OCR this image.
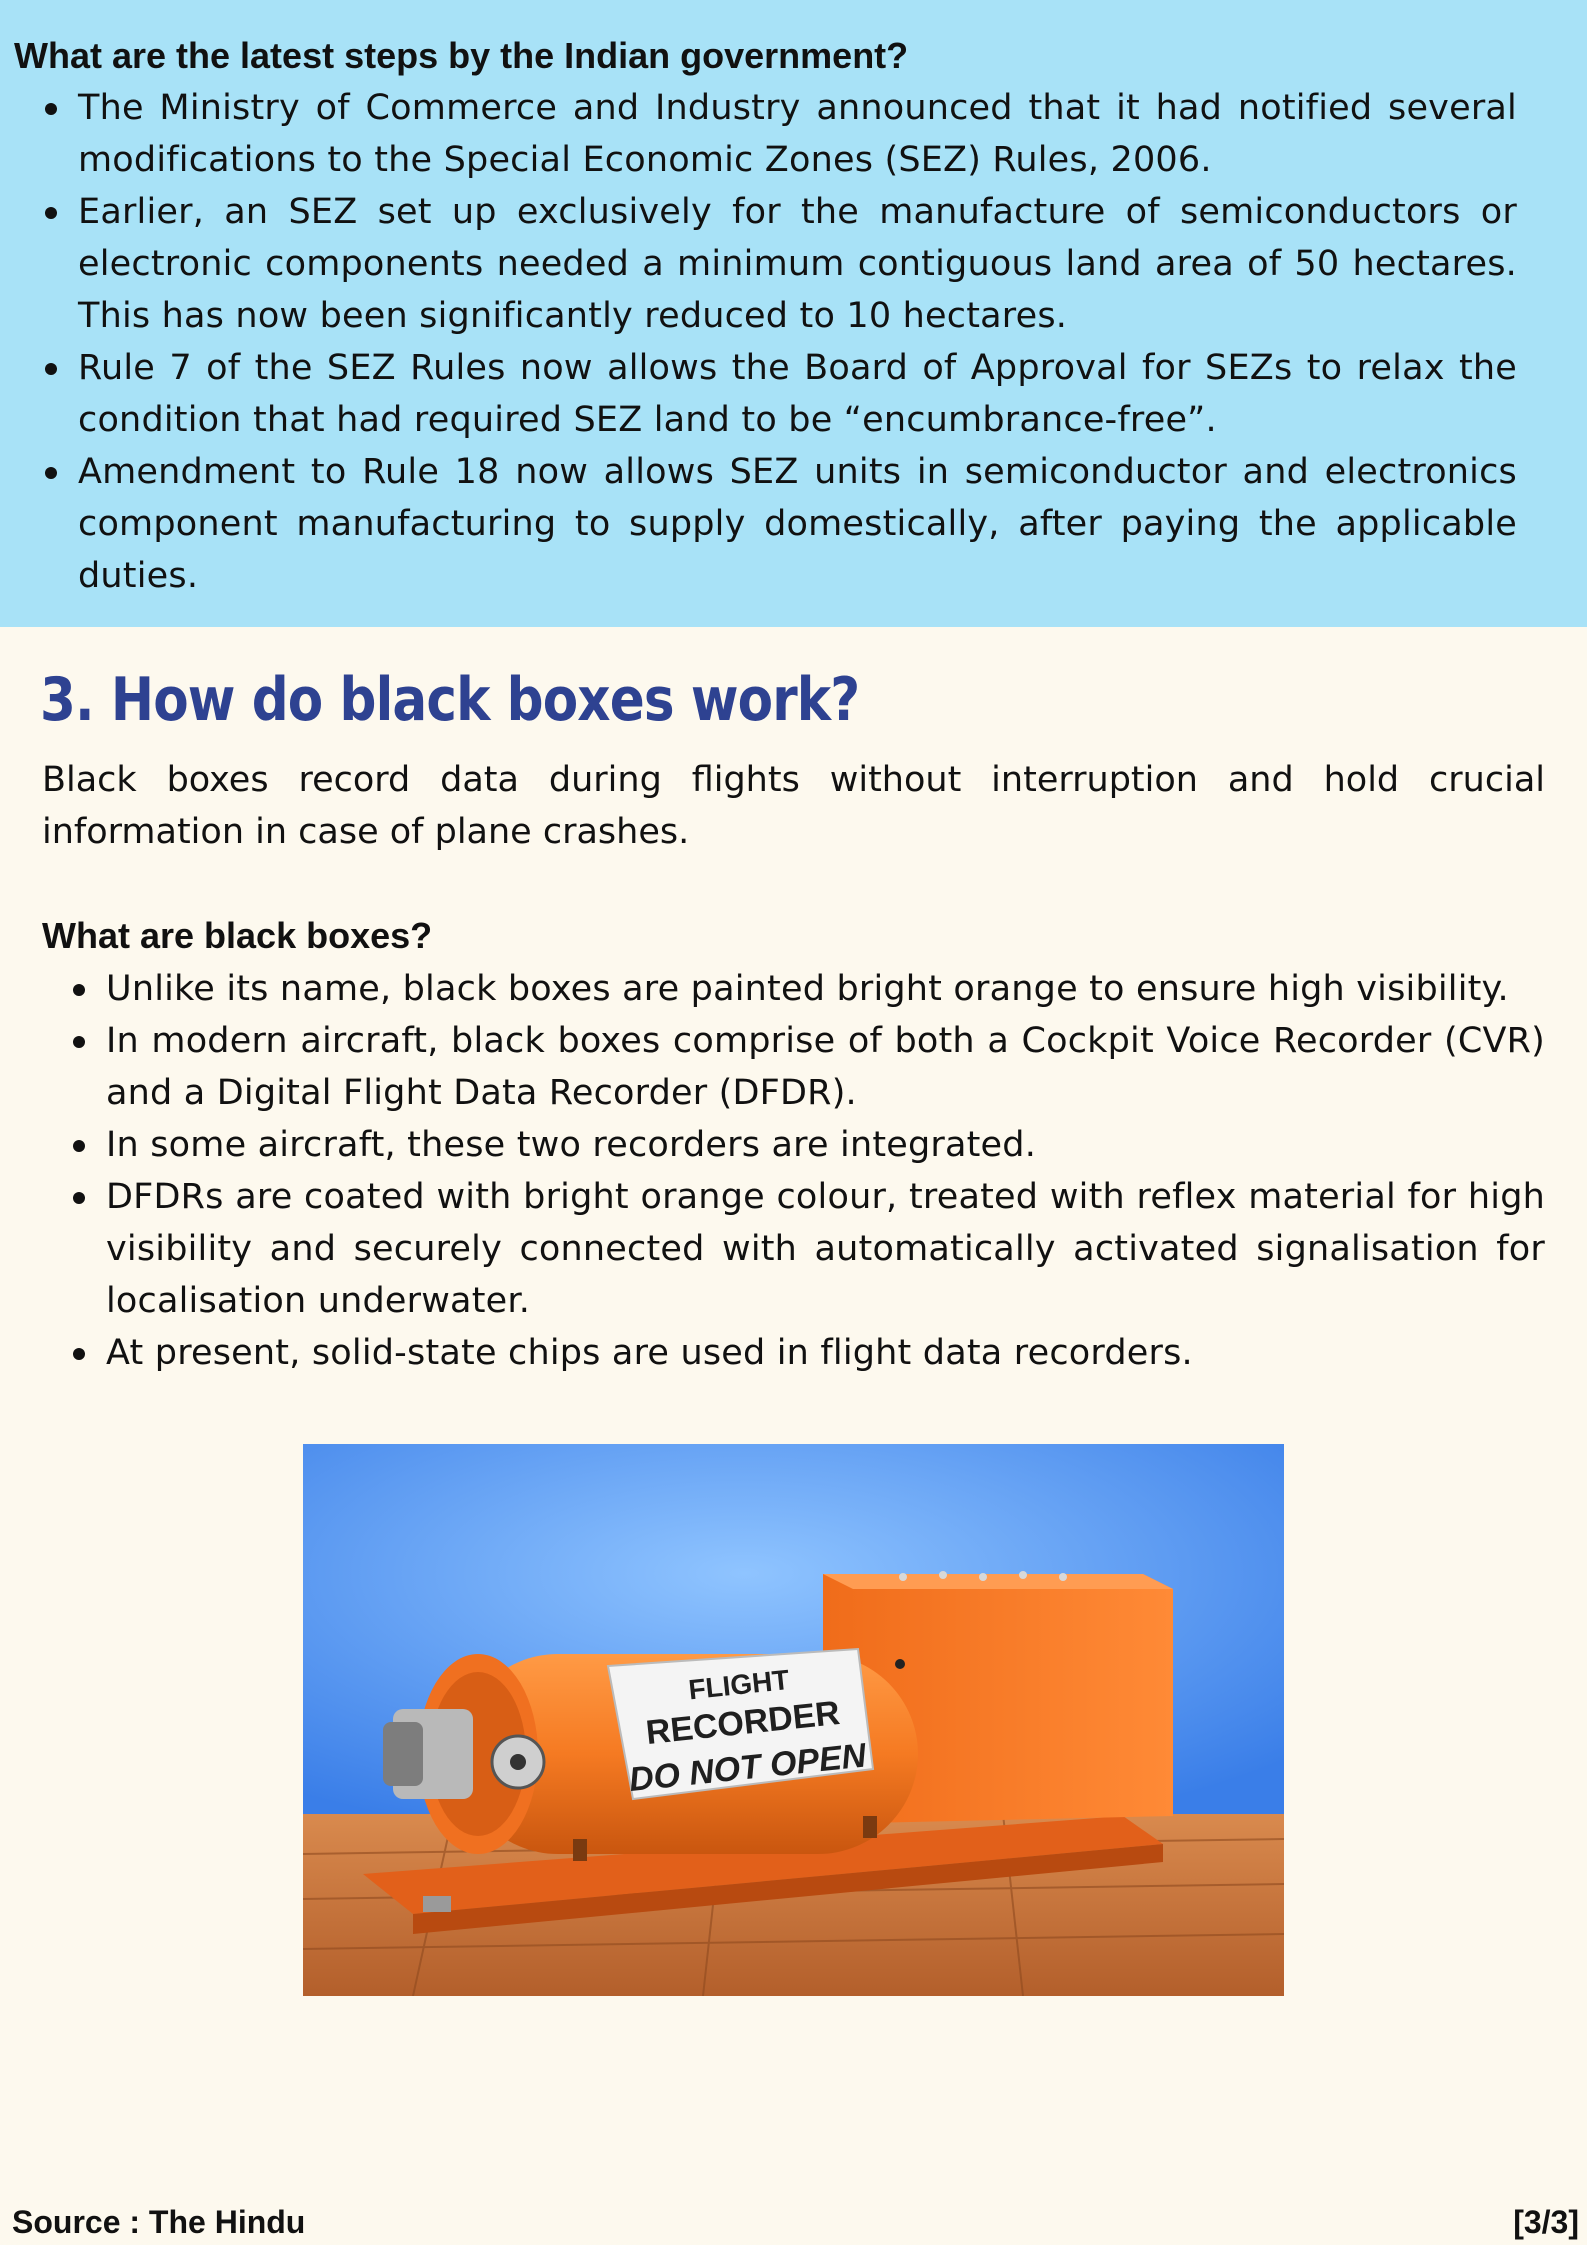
What are the latest steps by the Indian government?
The Ministry of Commerce and Industry announced that it had notified several modifications to the Special Economic Zones (SEZ) Rules, 2006.
Earlier, an SEZ set up exclusively for the manufacture of semiconductors or electronic components needed a minimum contiguous land area of 50 hectares. This has now been significantly reduced to 10 hectares.
Rule 7 of the SEZ Rules now allows the Board of Approval for SEZs to relax the condition that had required SEZ land to be “encumbrance-free”.
Amendment to Rule 18 now allows SEZ units in semiconductor and electronics component manufacturing to supply domestically, after paying the applicable duties.
3. How do black boxes work?

Black boxes record data during flights without interruption and hold crucial information in case of plane crashes.

What are black boxes?
Unlike its name, black boxes are painted bright orange to ensure high visibility.
In modern aircraft, black boxes comprise of both a Cockpit Voice Recorder (CVR) and a Digital Flight Data Recorder (DFDR).
In some aircraft, these two recorders are integrated.
DFDRs are coated with bright orange colour, treated with reflex material for high visibility and securely connected with automatically activated signalisation for localisation underwater.
At present, solid-state chips are used in flight data recorders.
FLIGHT
RECORDER
DO NOT OPEN

Source : The Hindu	[3/3]
